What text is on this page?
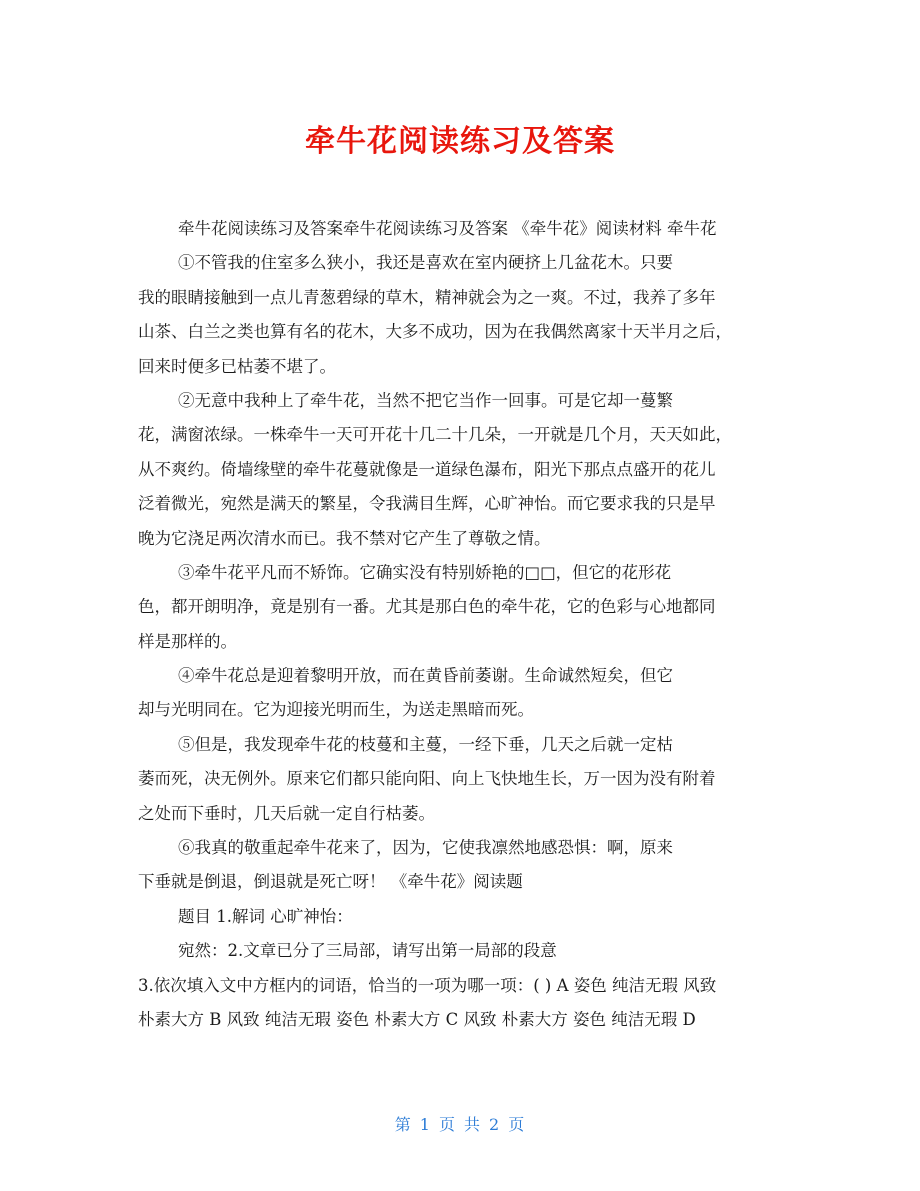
牵牛花阅读练习及答案
牵牛花阅读练习及答案牵牛花阅读练习及答案 《牵牛花》阅读材料 牵牛花
①不管我的住室多么狭小，我还是喜欢在室内硬挤上几盆花木。只要
我的眼睛接触到一点儿青葱碧绿的草木，精神就会为之一爽。不过，我养了多年
山茶、白兰之类也算有名的花木，大多不成功，因为在我偶然离家十天半月之后，
回来时便多已枯萎不堪了。
②无意中我种上了牵牛花，当然不把它当作一回事。可是它却一蔓繁
花，满窗浓绿。一株牵牛一天可开花十几二十几朵，一开就是几个月，天天如此，
从不爽约。倚墙缘壁的牵牛花蔓就像是一道绿色瀑布，阳光下那点点盛开的花儿
泛着微光，宛然是满天的繁星，令我满目生辉，心旷神怡。而它要求我的只是早
晚为它浇足两次清水而已。我不禁对它产生了尊敬之情。
③牵牛花平凡而不矫饰。它确实没有特别娇艳的□□，但它的花形花
色，都开朗明净，竟是别有一番。尤其是那白色的牵牛花，它的色彩与心地都同
样是那样的。
④牵牛花总是迎着黎明开放，而在黄昏前萎谢。生命诚然短矣，但它
却与光明同在。它为迎接光明而生，为送走黑暗而死。
⑤但是，我发现牵牛花的枝蔓和主蔓，一经下垂，几天之后就一定枯
萎而死，决无例外。原来它们都只能向阳、向上飞快地生长，万一因为没有附着
之处而下垂时，几天后就一定自行枯萎。
⑥我真的敬重起牵牛花来了，因为，它使我凛然地感恐惧：啊，原来
下垂就是倒退，倒退就是死亡呀！ 《牵牛花》阅读题
题目 1.解词 心旷神怡：
宛然：2.文章已分了三局部，请写出第一局部的段意
3.依次填入文中方框内的词语，恰当的一项为哪一项：( ) A 姿色 纯洁无瑕 风致
朴素大方 B 风致 纯洁无瑕 姿色 朴素大方 C 风致 朴素大方 姿色 纯洁无瑕 D
第 1 页 共 2 页
